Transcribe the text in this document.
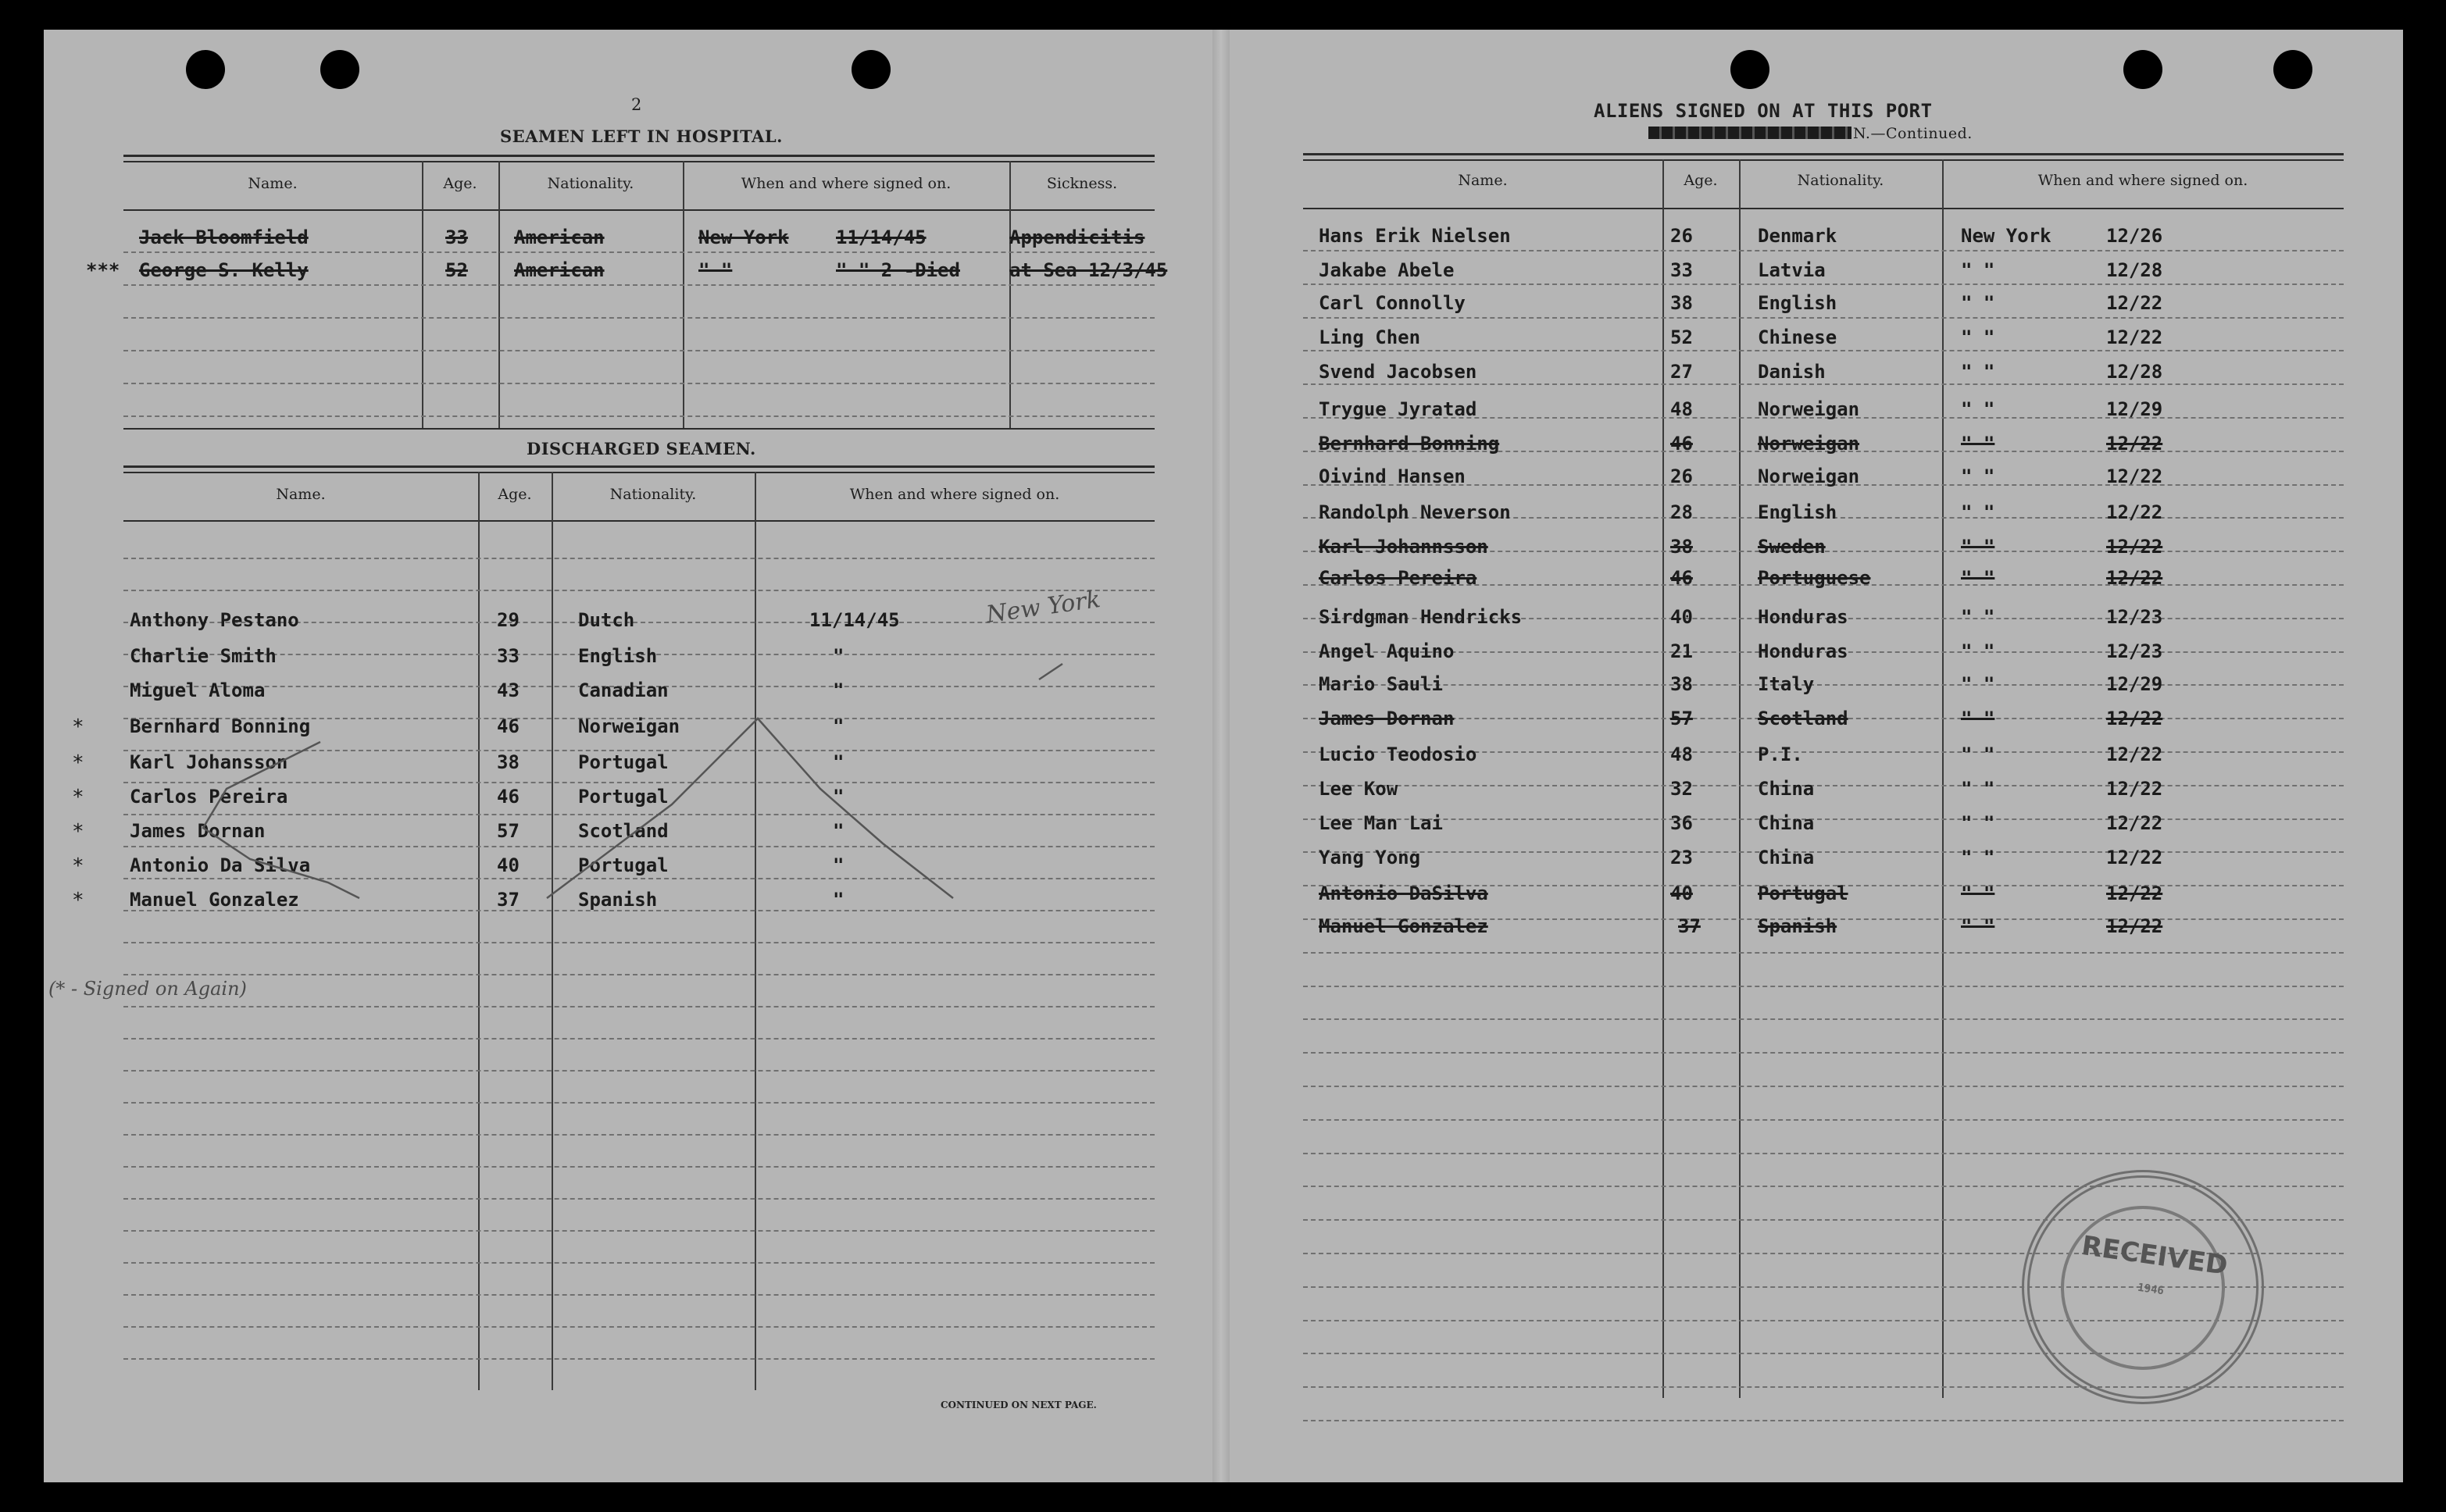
2
SEAMEN LEFT IN HOSPITAL.
Name.	Age.	Nationality.	When and where signed on.	Sickness.
Jack Bloomfield	33 American	New York	11/14/45	Appendicitis
*** George S. Kelly	52 American	" "	" " 2 -Died	at Sea 12/3/45
DISCHARGED SEAMEN.
Name.	Age.	Nationality.	When and where signed on.
Anthony Pestano	29	Dutch	11/14/45
Charlie Smith	33	English	"
Miguel Aloma	43	Canadian	"
* Bernhard Bonning	46	Norweigan	"
* Karl Johansson	38	Portugal	"
* Carlos Pereira	46	Portugal	"
* James Dornan	57	Scotland	"
* Antonio Da Silva	40	Portugal	"
* Manuel Gonzalez	37	Spanish	"
New York
(* - Signed on Again)
CONTINUED ON NEXT PAGE.
ALIENS SIGNED ON AT THIS PORT
N.—Continued.
Name.	Age.	Nationality.	When and where signed on.
Hans Erik Nielsen	26	Denmark	New York	12/26
Jakabe Abele	33	Latvia	" "	12/28
Carl Connolly	38	English	" "	12/22
Ling Chen	52	Chinese	" "	12/22
Svend Jacobsen	27	Danish	" "	12/28
Trygue Jyratad	48	Norweigan	" "	12/29
Bernhard Bonning	46	Norweigan	" "	12/22
Oivind Hansen	26	Norweigan	" "	12/22
Randolph Neverson	28	English	" "	12/22
Karl Johannsson	38	Sweden	" "	12/22
Carlos Pereira	46	Portuguese	" "	12/22
Sirdgman Hendricks	40	Honduras	" "	12/23
Angel Aquino	21	Honduras	" "	12/23
Mario Sauli	38	Italy	" "	12/29
James Dornan	57	Scotland	" "	12/22
Lucio Teodosio	48	P.I.	" "	12/22
Lee Kow	32	China	" "	12/22
Lee Man Lai	36	China	" "	12/22
Yang Yong	23	China	" "	12/22
Antonio DaSilva	40	Portugal	" "	12/22
Manuel Gonzalez	37	Spanish	" "	12/22
RECEIVED
1946
